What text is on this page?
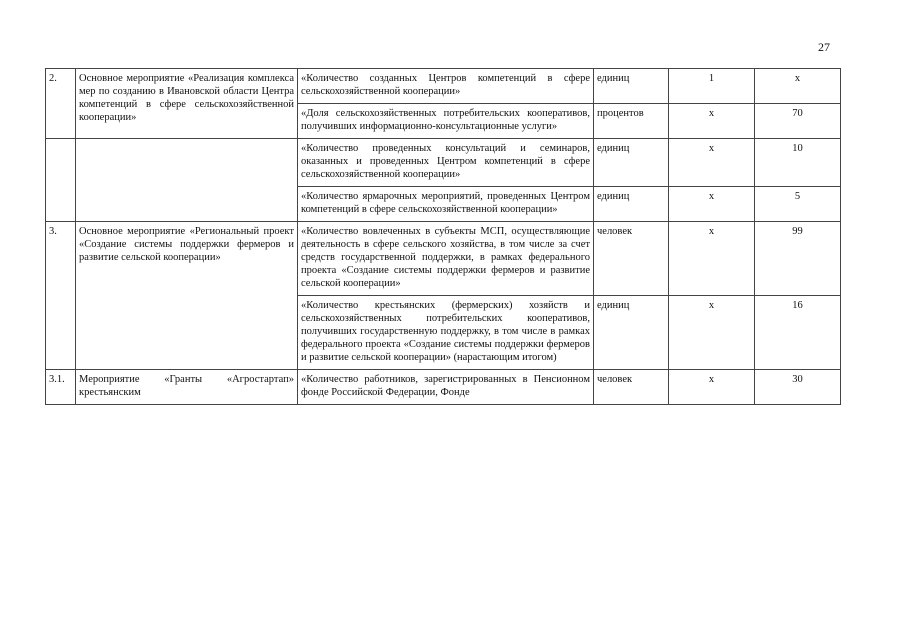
27
2.	Основное мероприятие «Реализация комплекса мер по созданию в Ивановской области Центра компетенций в сфере сельскохозяйственной кооперации»	«Количество созданных Центров компетенций в сфере сельскохозяйственной кооперации»	единиц	1	x

		«Доля сельскохозяйственных потребительских кооперативов, получивших информационно-консультационные услуги»	процентов	x	70

		«Количество проведенных консультаций и семинаров, оказанных и проведенных Центром компетенций в сфере сельскохозяйственной кооперации»	единиц	x	10

		«Количество ярмарочных мероприятий, проведенных Центром компетенций в сфере сельскохозяйственной кооперации»	единиц	x	5
3.	Основное мероприятие «Региональный проект «Создание системы поддержки фермеров и развитие сельской кооперации»	«Количество вовлеченных в субъекты МСП, осуществляющие деятельность в сфере сельского хозяйства, в том числе за счет средств государственной поддержки, в рамках федерального проекта «Создание системы поддержки фермеров и развитие сельской кооперации»	человек	x	99

		«Количество крестьянских (фермерских) хозяйств и сельскохозяйственных потребительских кооперативов, получивших государственную поддержку, в том числе в рамках федерального проекта «Создание системы поддержки фермеров и развитие сельской кооперации» (нарастающим итогом)	единиц	x	16
3.1.	Мероприятие «Гранты «Агростартап» крестьянским	«Количество работников, зарегистрированных в Пенсионном фонде Российской Федерации, Фонде	человек	x	30
